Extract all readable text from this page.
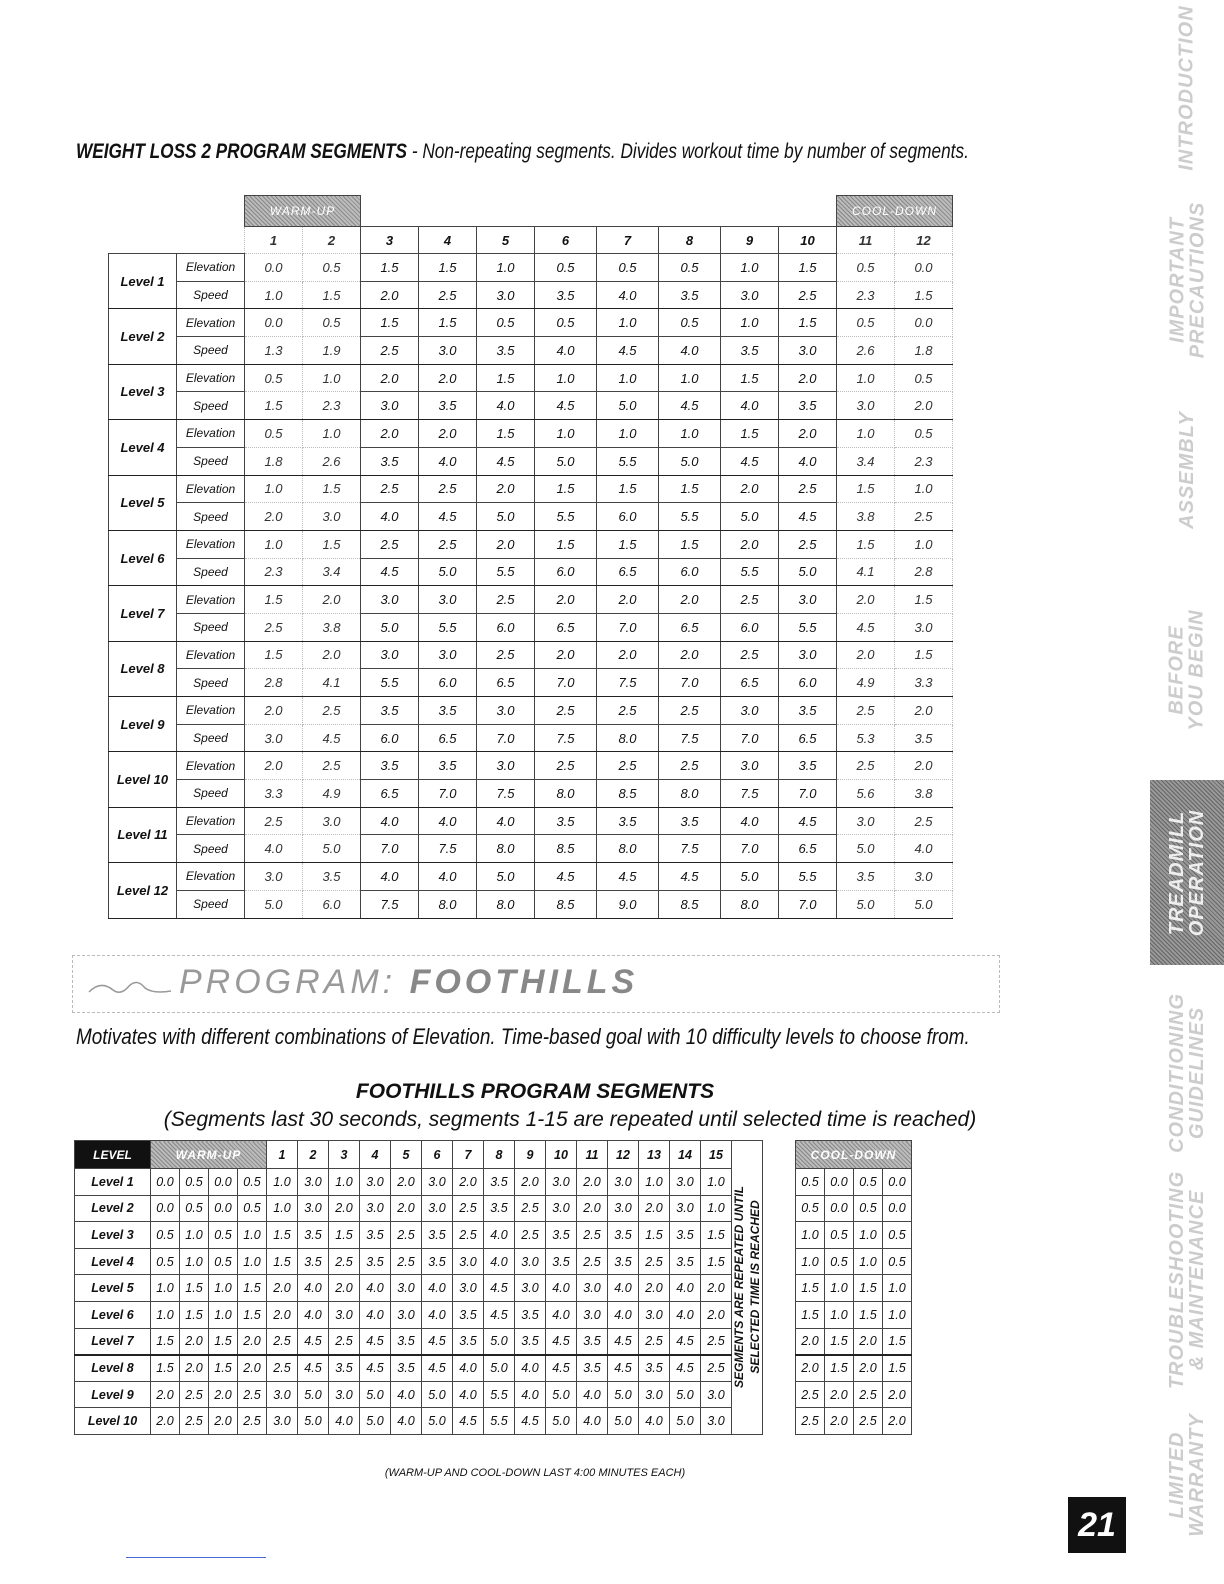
WEIGHT LOSS 2 PROGRAM SEGMENTS - Non-repeating segments. Divides workout time by number of segments.
		WARM-UP										COOL-DOWN	
		1	2	3	4	5	6	7	8	9	10	11	12
Level 1	Elevation	0.0	0.5	1.5	1.5	1.0	0.5	0.5	0.5	1.0	1.5	0.5	0.0
	Speed	1.0	1.5	2.0	2.5	3.0	3.5	4.0	3.5	3.0	2.5	2.3	1.5
Level 2	Elevation	0.0	0.5	1.5	1.5	0.5	0.5	1.0	0.5	1.0	1.5	0.5	0.0
	Speed	1.3	1.9	2.5	3.0	3.5	4.0	4.5	4.0	3.5	3.0	2.6	1.8
Level 3	Elevation	0.5	1.0	2.0	2.0	1.5	1.0	1.0	1.0	1.5	2.0	1.0	0.5
	Speed	1.5	2.3	3.0	3.5	4.0	4.5	5.0	4.5	4.0	3.5	3.0	2.0
Level 4	Elevation	0.5	1.0	2.0	2.0	1.5	1.0	1.0	1.0	1.5	2.0	1.0	0.5
	Speed	1.8	2.6	3.5	4.0	4.5	5.0	5.5	5.0	4.5	4.0	3.4	2.3
Level 5	Elevation	1.0	1.5	2.5	2.5	2.0	1.5	1.5	1.5	2.0	2.5	1.5	1.0
	Speed	2.0	3.0	4.0	4.5	5.0	5.5	6.0	5.5	5.0	4.5	3.8	2.5
Level 6	Elevation	1.0	1.5	2.5	2.5	2.0	1.5	1.5	1.5	2.0	2.5	1.5	1.0
	Speed	2.3	3.4	4.5	5.0	5.5	6.0	6.5	6.0	5.5	5.0	4.1	2.8
Level 7	Elevation	1.5	2.0	3.0	3.0	2.5	2.0	2.0	2.0	2.5	3.0	2.0	1.5
	Speed	2.5	3.8	5.0	5.5	6.0	6.5	7.0	6.5	6.0	5.5	4.5	3.0
Level 8	Elevation	1.5	2.0	3.0	3.0	2.5	2.0	2.0	2.0	2.5	3.0	2.0	1.5
	Speed	2.8	4.1	5.5	6.0	6.5	7.0	7.5	7.0	6.5	6.0	4.9	3.3
Level 9	Elevation	2.0	2.5	3.5	3.5	3.0	2.5	2.5	2.5	3.0	3.5	2.5	2.0
	Speed	3.0	4.5	6.0	6.5	7.0	7.5	8.0	7.5	7.0	6.5	5.3	3.5
Level 10	Elevation	2.0	2.5	3.5	3.5	3.0	2.5	2.5	2.5	3.0	3.5	2.5	2.0
	Speed	3.3	4.9	6.5	7.0	7.5	8.0	8.5	8.0	7.5	7.0	5.6	3.8
Level 11	Elevation	2.5	3.0	4.0	4.0	4.0	3.5	3.5	3.5	4.0	4.5	3.0	2.5
	Speed	4.0	5.0	7.0	7.5	8.0	8.5	8.0	7.5	7.0	6.5	5.0	4.0
Level 12	Elevation	3.0	3.5	4.0	4.0	5.0	4.5	4.5	4.5	5.0	5.5	3.5	3.0
	Speed	5.0	6.0	7.5	8.0	8.0	8.5	9.0	8.5	8.0	7.0	5.0	5.0
PROGRAM: FOOTHILLS
Motivates with different combinations of Elevation. Time-based goal with 10 difficulty levels to choose from.
FOOTHILLS PROGRAM SEGMENTS
(Segments last 30 seconds, segments 1-15 are repeated until selected time is reached)
LEVEL	WARM-UP				1	2	3	4	5	6	7	8	9	10	11	12	13	14	15	SEGMENTS ARE REPEATED UNTIL SELECTED TIME IS REACHED		COOL-DOWN			
Level 1	0.0	0.5	0.0	0.5	1.0	3.0	1.0	3.0	2.0	3.0	2.0	3.5	2.0	3.0	2.0	3.0	1.0	3.0	1.0			0.5	0.0	0.5	0.0
Level 2	0.0	0.5	0.0	0.5	1.0	3.0	2.0	3.0	2.0	3.0	2.5	3.5	2.5	3.0	2.0	3.0	2.0	3.0	1.0			0.5	0.0	0.5	0.0
Level 3	0.5	1.0	0.5	1.0	1.5	3.5	1.5	3.5	2.5	3.5	2.5	4.0	2.5	3.5	2.5	3.5	1.5	3.5	1.5			1.0	0.5	1.0	0.5
Level 4	0.5	1.0	0.5	1.0	1.5	3.5	2.5	3.5	2.5	3.5	3.0	4.0	3.0	3.5	2.5	3.5	2.5	3.5	1.5			1.0	0.5	1.0	0.5
Level 5	1.0	1.5	1.0	1.5	2.0	4.0	2.0	4.0	3.0	4.0	3.0	4.5	3.0	4.0	3.0	4.0	2.0	4.0	2.0			1.5	1.0	1.5	1.0
Level 6	1.0	1.5	1.0	1.5	2.0	4.0	3.0	4.0	3.0	4.0	3.5	4.5	3.5	4.0	3.0	4.0	3.0	4.0	2.0			1.5	1.0	1.5	1.0
Level 7	1.5	2.0	1.5	2.0	2.5	4.5	2.5	4.5	3.5	4.5	3.5	5.0	3.5	4.5	3.5	4.5	2.5	4.5	2.5			2.0	1.5	2.0	1.5
Level 8	1.5	2.0	1.5	2.0	2.5	4.5	3.5	4.5	3.5	4.5	4.0	5.0	4.0	4.5	3.5	4.5	3.5	4.5	2.5			2.0	1.5	2.0	1.5
Level 9	2.0	2.5	2.0	2.5	3.0	5.0	3.0	5.0	4.0	5.0	4.0	5.5	4.0	5.0	4.0	5.0	3.0	5.0	3.0			2.5	2.0	2.5	2.0
Level 10	2.0	2.5	2.0	2.5	3.0	5.0	4.0	5.0	4.0	5.0	4.5	5.5	4.5	5.0	4.0	5.0	4.0	5.0	3.0			2.5	2.0	2.5	2.0
(WARM-UP AND COOL-DOWN LAST 4:00 MINUTES EACH)
INTRODUCTION
IMPORTANT
PRECAUTIONS
ASSEMBLY
BEFORE
YOU BEGIN
TREADMILL
OPERATION
CONDITIONING
GUIDELINES
TROUBLESHOOTING
& MAINTENANCE
LIMITED
WARRANTY
21
